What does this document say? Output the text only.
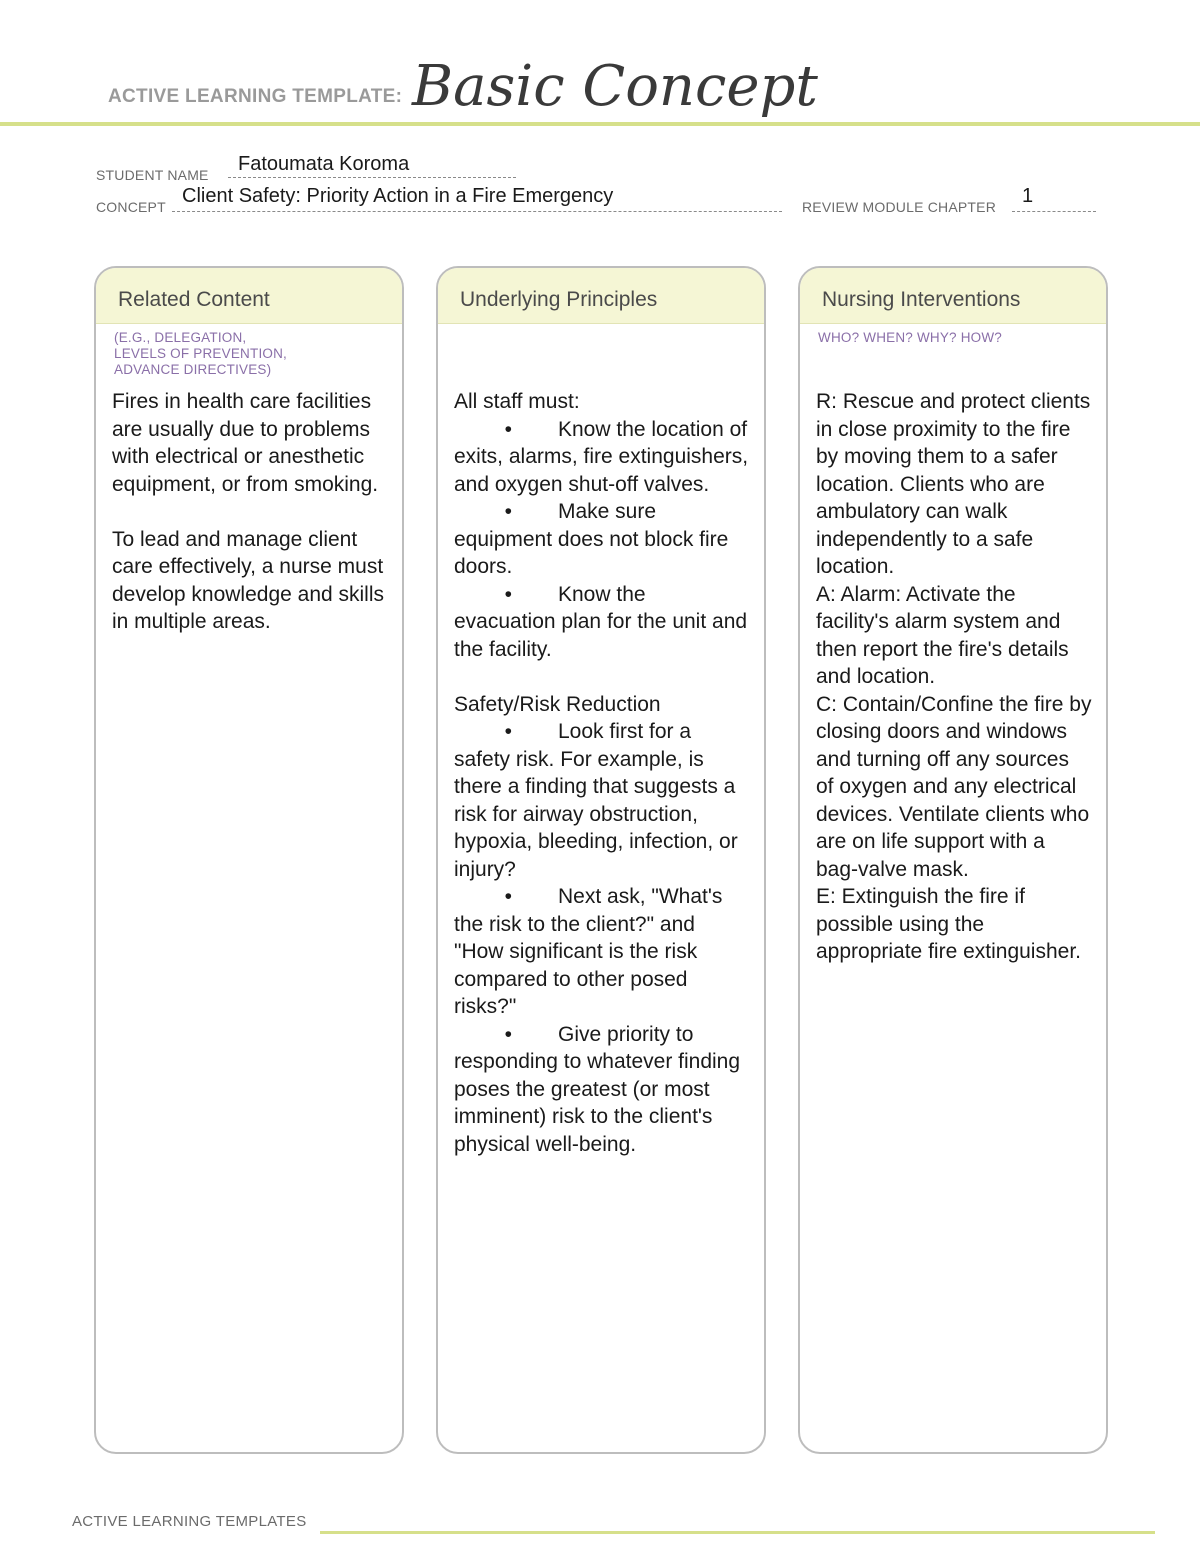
ACTIVE LEARNING TEMPLATE: Basic Concept
STUDENT NAME Fatoumata Koroma
CONCEPT Client Safety: Priority Action in a Fire Emergency	REVIEW MODULE CHAPTER 1
Related Content
(E.G., DELEGATION,
LEVELS OF PREVENTION,
ADVANCE DIRECTIVES)

Fires in health care facilities are usually due to problems with electrical or anesthetic equipment, or from smoking.

To lead and manage client care effectively, a nurse must develop knowledge and skills in multiple areas.

Underlying Principles

All staff must:

• Know the location of exits, alarms, fire extinguishers, and oxygen shut-off valves.

• Make sure equipment does not block fire doors.

• Know the evacuation plan for the unit and the facility.

Safety/Risk Reduction

• Look first for a safety risk. For example, is there a finding that suggests a risk for airway obstruction, hypoxia, bleeding, infection, or injury?

• Next ask, "What's the risk to the client?" and "How significant is the risk compared to other posed risks?"

• Give priority to responding to whatever finding poses the greatest (or most imminent) risk to the client's physical well-being.

Nursing Interventions
WHO? WHEN? WHY? HOW?

R: Rescue and protect clients in close proximity to the fire by moving them to a safer location. Clients who are ambulatory can walk independently to a safe location.

A: Alarm: Activate the facility's alarm system and then report the fire's details and location.

C: Contain/Confine the fire by closing doors and windows and turning off any sources of oxygen and any electrical devices. Ventilate clients who are on life support with a bag-valve mask.

E: Extinguish the fire if possible using the appropriate fire extinguisher.

ACTIVE LEARNING TEMPLATES
